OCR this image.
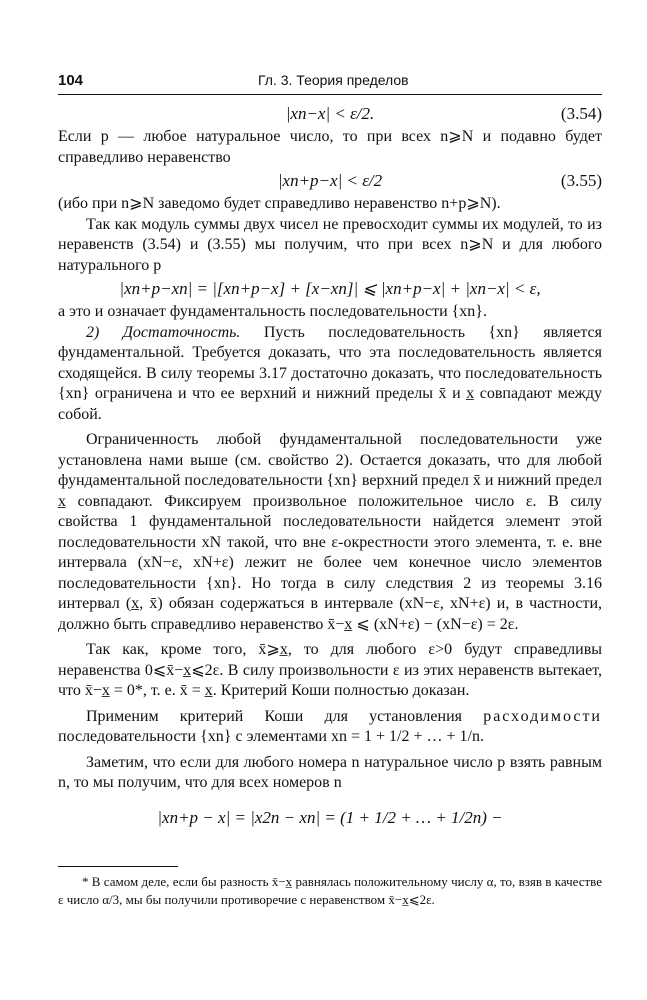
104	Гл. 3. Теория пределов
|xn−x| < ε/2.	(3.54)

Если p — любое натуральное число, то при всех n⩾N и подавно будет справедливо неравенство

|xn+p−x| < ε/2	(3.55)

(ибо при n⩾N заведомо будет справедливо неравенство n+p⩾N).

Так как модуль суммы двух чисел не превосходит суммы их модулей, то из неравенств (3.54) и (3.55) мы получим, что при всех n⩾N и для любого натурального p

|xn+p−xn| = |[xn+p−x] + [x−xn]| ⩽ |xn+p−x| + |xn−x| < ε,

а это и означает фундаментальность последовательности {xn}.

2) Достаточность. Пусть последовательность {xn} является фундаментальной. Требуется доказать, что эта последовательность является сходящейся. В силу теоремы 3.17 достаточно доказать, что последовательность {xn} ограничена и что ее верхний и нижний пределы x̄ и x̲ совпадают между собой.

Ограниченность любой фундаментальной последовательности уже установлена нами выше (см. свойство 2). Остается доказать, что для любой фундаментальной последовательности {xn} верхний предел x̄ и нижний предел x̲ совпадают. Фиксируем произвольное положительное число ε. В силу свойства 1 фундаментальной последовательности найдется элемент этой последовательности xN такой, что вне ε-окрестности этого элемента, т. е. вне интервала (xN−ε, xN+ε) лежит не более чем конечное число элементов последовательности {xn}. Но тогда в силу следствия 2 из теоремы 3.16 интервал (x̲, x̄) обязан содержаться в интервале (xN−ε, xN+ε) и, в частности, должно быть справедливо неравенство x̄−x̲ ⩽ (xN+ε) − (xN−ε) = 2ε.

Так как, кроме того, x̄⩾x̲, то для любого ε>0 будут справедливы неравенства 0⩽x̄−x̲⩽2ε. В силу произвольности ε из этих неравенств вытекает, что x̄−x̲ = 0*, т. е. x̄ = x̲. Критерий Коши полностью доказан.

Применим критерий Коши для установления расходимости последовательности {xn} с элементами xn = 1 + 1/2 + … + 1/n.

Заметим, что если для любого номера n натуральное число p взять равным n, то мы получим, что для всех номеров n

|xn+p − x| = |x2n − xn| = (1 + 1/2 + … + 1/2n) −

* В самом деле, если бы разность x̄−x̲ равнялась положительному числу α, то, взяв в качестве ε число α/3, мы бы получили противоречие с неравенством x̄−x̲⩽2ε.
